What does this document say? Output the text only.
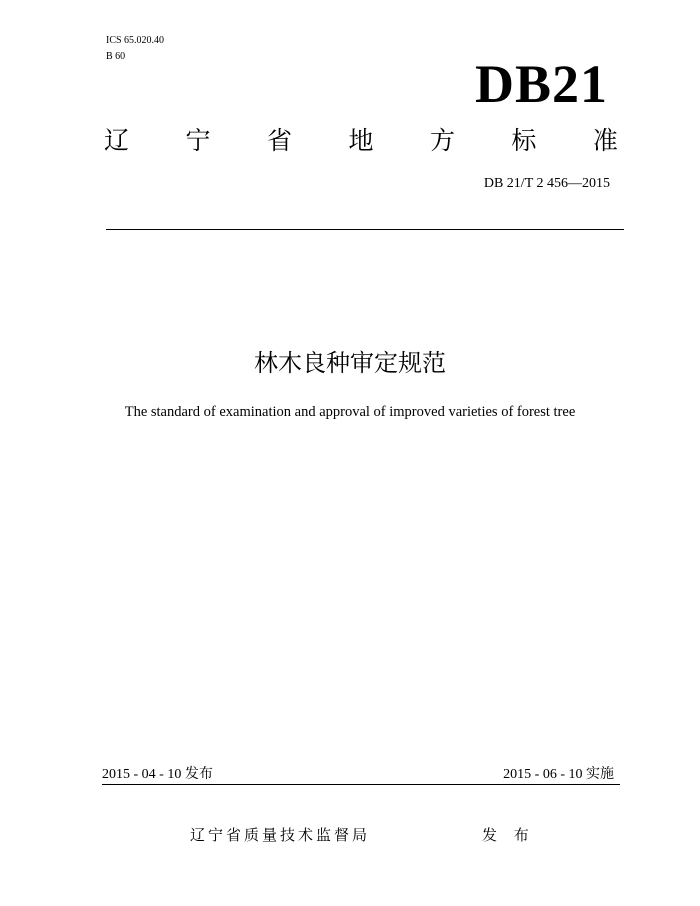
ICS 65.020.40
B 60	DB21
辽 宁 省 地 方 标 准
DB 21/T 2 456—2015
林木良种审定规范
The standard of examination and approval of improved varieties of forest tree
2015 - 04 - 10 发布	2015 - 06 - 10 实施
辽宁省质量技术监督局	发 布
